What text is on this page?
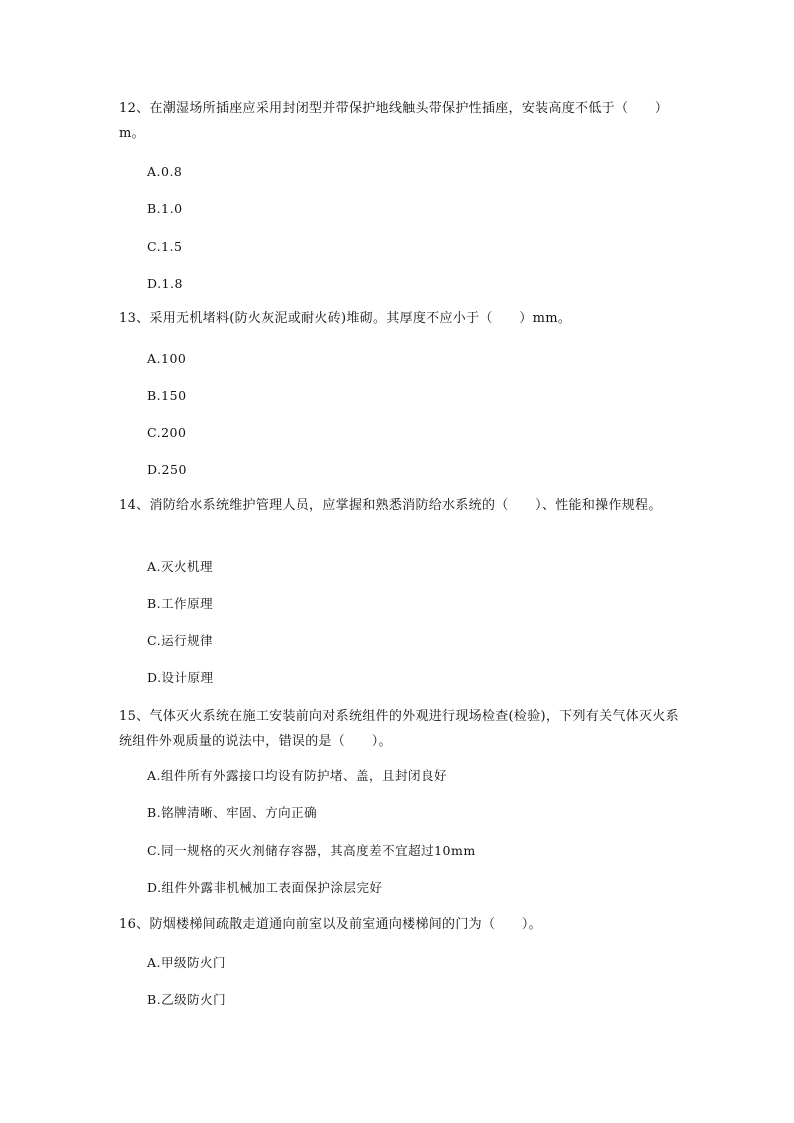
12、在潮湿场所插座应采用封闭型并带保护地线触头带保护性插座，安装高度不低于（　　）m。
A.0.8
B.1.0
C.1.5
D.1.8
13、采用无机堵料(防火灰泥或耐火砖)堆砌。其厚度不应小于（　　）mm。
A.100
B.150
C.200
D.250
14、消防给水系统维护管理人员，应掌握和熟悉消防给水系统的（　　）、性能和操作规程。
A.灭火机理
B.工作原理
C.运行规律
D.设计原理
15、气体灭火系统在施工安装前向对系统组件的外观进行现场检查(检验)，下列有关气体灭火系统组件外观质量的说法中，错误的是（　　）。
A.组件所有外露接口均设有防护堵、盖，且封闭良好
B.铭牌清晰、牢固、方向正确
C.同一规格的灭火剂储存容器，其高度差不宜超过10mm
D.组件外露非机械加工表面保护涂层完好
16、防烟楼梯间疏散走道通向前室以及前室通向楼梯间的门为（　　）。
A.甲级防火门
B.乙级防火门
